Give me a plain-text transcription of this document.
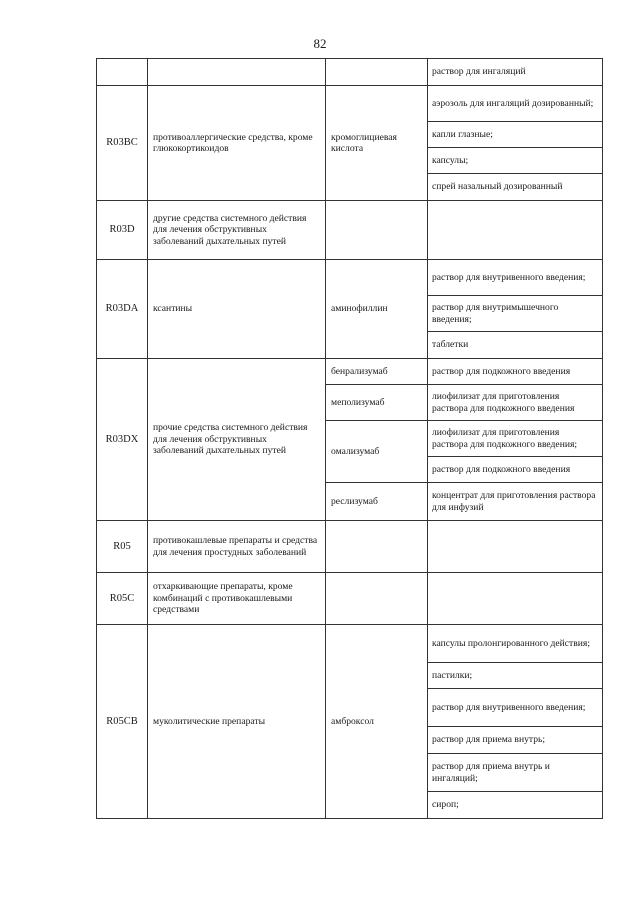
82
			раствор для ингаляций
R03BC	противоаллергические средства, кроме глюкокортикоидов	кромоглициевая кислота	аэрозоль для ингаляций дозированный;
			капли глазные;
			капсулы;
			спрей назальный дозированный
R03D	другие средства системного действия для лечения обструктивных заболеваний дыхательных путей		
R03DA	ксантины	аминофиллин	раствор для внутривенного введения;
			раствор для внутримышечного введения;
			таблетки
R03DX	прочие средства системного действия для лечения обструктивных заболеваний дыхательных путей	бенрализумаб	раствор для подкожного введения
		меполизумаб	лиофилизат для приготовления раствора для подкожного введения
		омализумаб	лиофилизат для приготовления раствора для подкожного введения;
			раствор для подкожного введения
		реслизумаб	концентрат для приготовления раствора для инфузий
R05	противокашлевые препараты и средства для лечения простудных заболеваний		
R05C	отхаркивающие препараты, кроме комбинаций с противокашлевыми средствами		
R05CB	муколитические препараты	амброксол	капсулы пролонгированного действия;
			пастилки;
			раствор для внутривенного введения;
			раствор для приема внутрь;
			раствор для приема внутрь и ингаляций;
			сироп;
